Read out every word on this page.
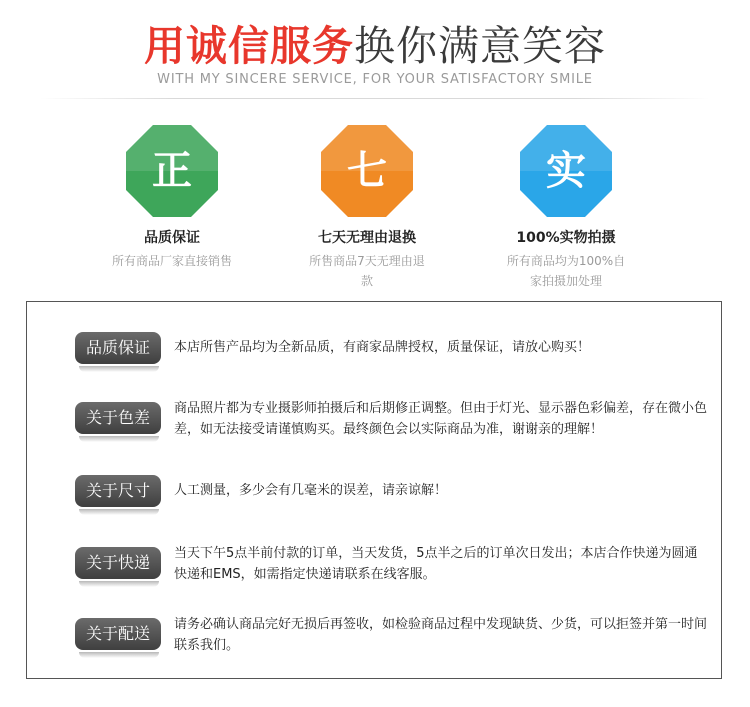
用诚信服务换你满意笑容
WITH MY SINCERE SERVICE, FOR YOUR SATISFACTORY SMILE
正
品质保证
所有商品厂家直接销售
七
七天无理由退换
所售商品7天无理由退款
实
100%实物拍摄
所有商品均为100%自家拍摄加处理
品质保证	本店所售产品均为全新品质，有商家品牌授权，质量保证，请放心购买！
关于色差	商品照片都为专业摄影师拍摄后和后期修正调整。但由于灯光、显示器色彩偏差，存在微小色差，如无法接受请谨慎购买。最终颜色会以实际商品为准，谢谢亲的理解！
关于尺寸	人工测量，多少会有几毫米的误差，请亲谅解！
关于快递	当天下午5点半前付款的订单，当天发货，5点半之后的订单次日发出；本店合作快递为圆通快递和EMS，如需指定快递请联系在线客服。
关于配送	请务必确认商品完好无损后再签收，如检验商品过程中发现缺货、少货，可以拒签并第一时间联系我们。
